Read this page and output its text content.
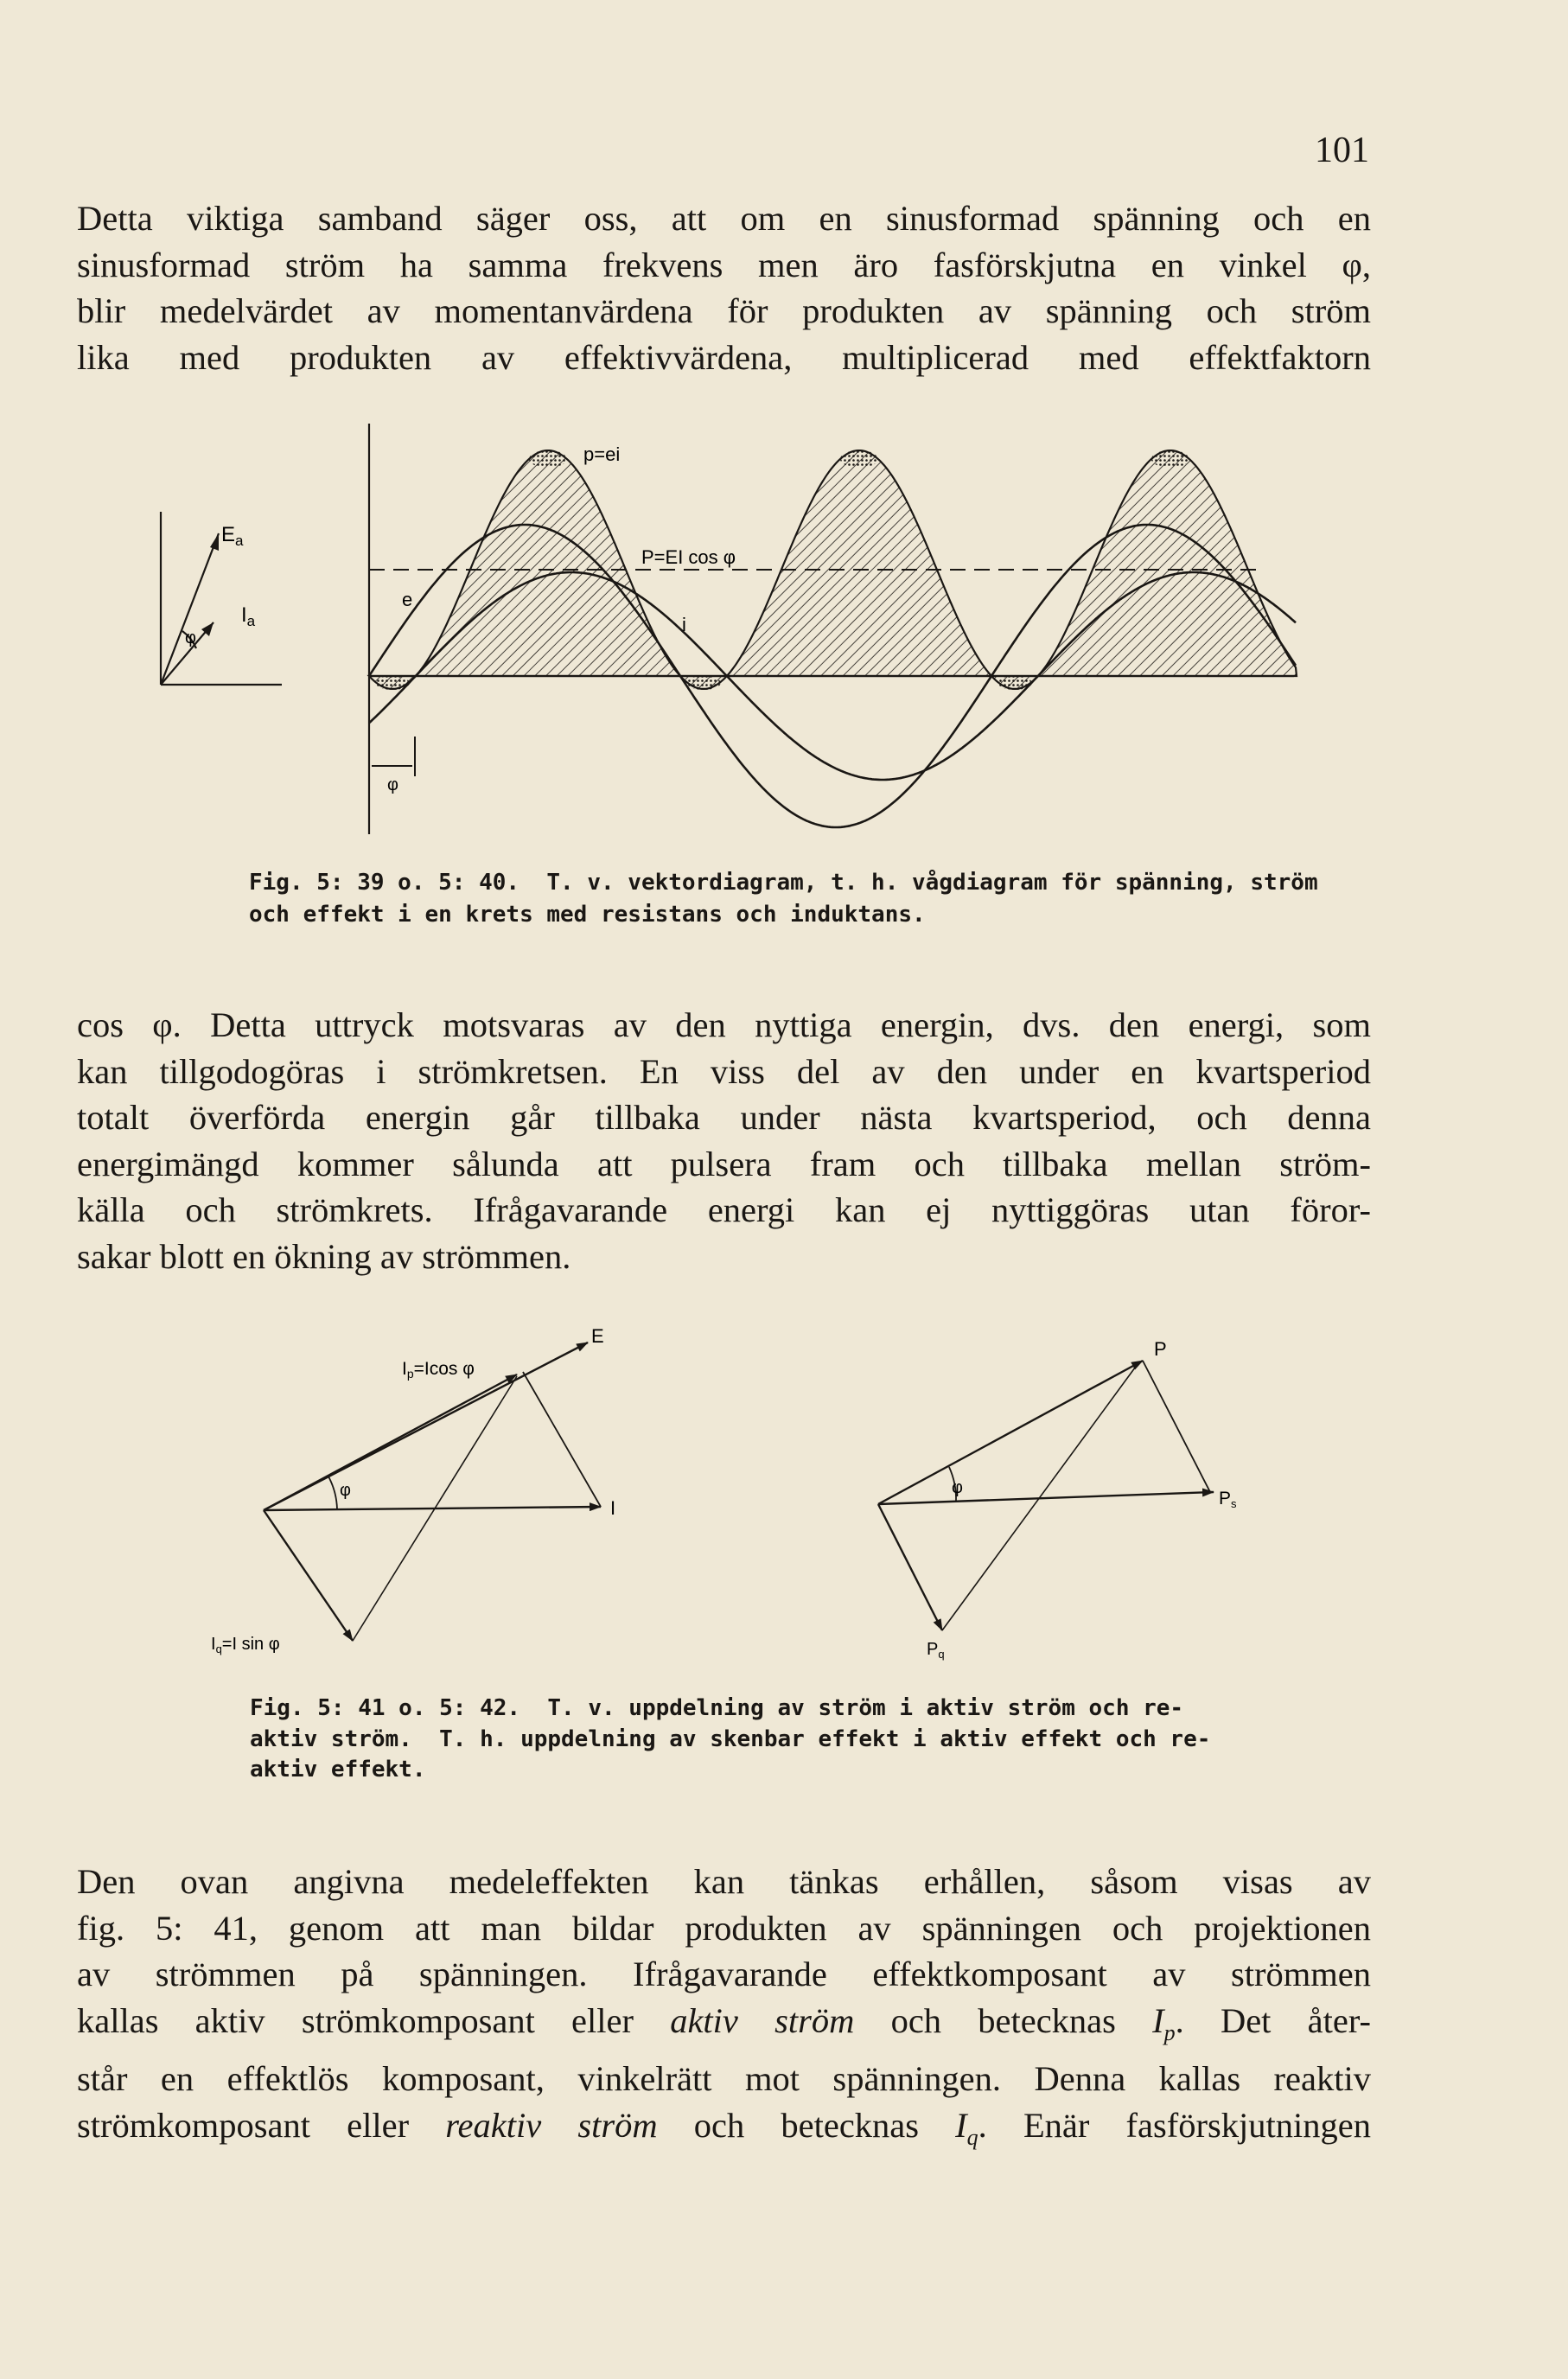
101
Detta viktiga samband säger oss, att om en sinusformad spänning och en
sinusformad ström ha samma frekvens men äro fasförskjutna en vinkel φ,
blir medelvärdet av momentanvärdena för produkten av spänning och ström
lika med produkten av effektivvärdena, multiplicerad med effektfaktorn
$E_a$
$I_a$
φ
p=ei
P=EI cos φ
e
i
φ
Fig. 5: 39 o. 5: 40.  T. v. vektordiagram, t. h. vågdiagram för spänning, ström
och effekt i en krets med resistans och induktans.
cos φ. Detta uttryck motsvaras av den nyttiga energin, dvs. den energi, som
kan tillgodogöras i strömkretsen. En viss del av den under en kvartsperiod
totalt överförda energin går tillbaka under nästa kvartsperiod, och denna
energimängd kommer sålunda att pulsera fram och tillbaka mellan ström-
källa och strömkrets. Ifrågavarande energi kan ej nyttiggöras utan föror-
sakar blott en ökning av strömmen.
E
Ip=Icos φ
φ
I
$I_q=I$ sin φ
P
φ
Ps
$P_q$
Fig. 5: 41 o. 5: 42.  T. v. uppdelning av ström i aktiv ström och re-
aktiv ström.  T. h. uppdelning av skenbar effekt i aktiv effekt och re-
aktiv effekt.
Den ovan angivna medeleffekten kan tänkas erhållen, såsom visas av
fig. 5: 41, genom att man bildar produkten av spänningen och projektionen
av strömmen på spänningen. Ifrågavarande effektkomposant av strömmen
kallas aktiv strömkomposant eller aktiv ström och betecknas $I_p$. Det åter-
står en effektlös komposant, vinkelrätt mot spänningen. Denna kallas reaktiv
strömkomposant eller reaktiv ström och betecknas $I_q$. Enär fasförskjutningen
